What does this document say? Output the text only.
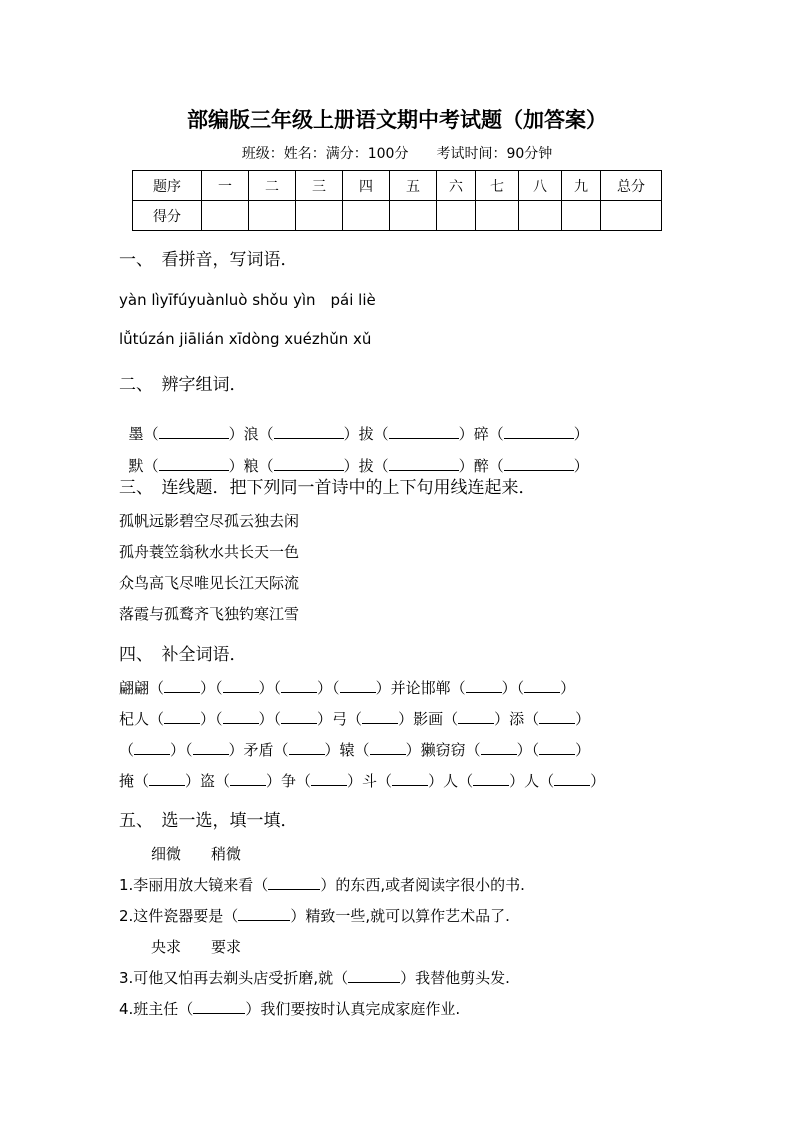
部编版三年级上册语文期中考试题（加答案）
班级：姓名：满分：100分　　考试时间：90分钟
题序	一	二	三	四	五	六	七	八	九	总分
得分										
一、　看拼音，写词语．
yàn lìyīfúyuànluò shǒu yìn　pái liè
lǚtúzán jiālián xīdòng xuézhǔn xǔ
二、　辨字组词．

墨（	）浪（	）拔（	）碎（	）

默（	）粮（	）拔（	）醉（	）

三、　连线题．把下列同一首诗中的上下句用线连起来．
孤帆远影碧空尽孤云独去闲
孤舟蓑笠翁秋水共长天一色
众鸟高飞尽唯见长江天际流
落霞与孤鹜齐飞独钓寒江雪
四、　补全词语．
翩翩（ ）（ ）（ ）（ ）并论邯郸（ ）（ ）
杞人（ ）（ ）（ ）弓（ ）影画（ ）添（ ）
（ ）（ ）矛盾（ ）辕（ ）獭窃窃（ ）（ ）
掩（ ）盗（ ）争（ ）斗（ ）人（ ）人（ ）
五、　选一选，填一填．
细微　　稍微
1.李丽用放大镜来看（	）的东西,或者阅读字很小的书.
2.这件瓷器要是（	）精致一些,就可以算作艺术品了.
央求　　要求
3.可他又怕再去剃头店受折磨,就（	）我替他剪头发.
4.班主任（	）我们要按时认真完成家庭作业.
